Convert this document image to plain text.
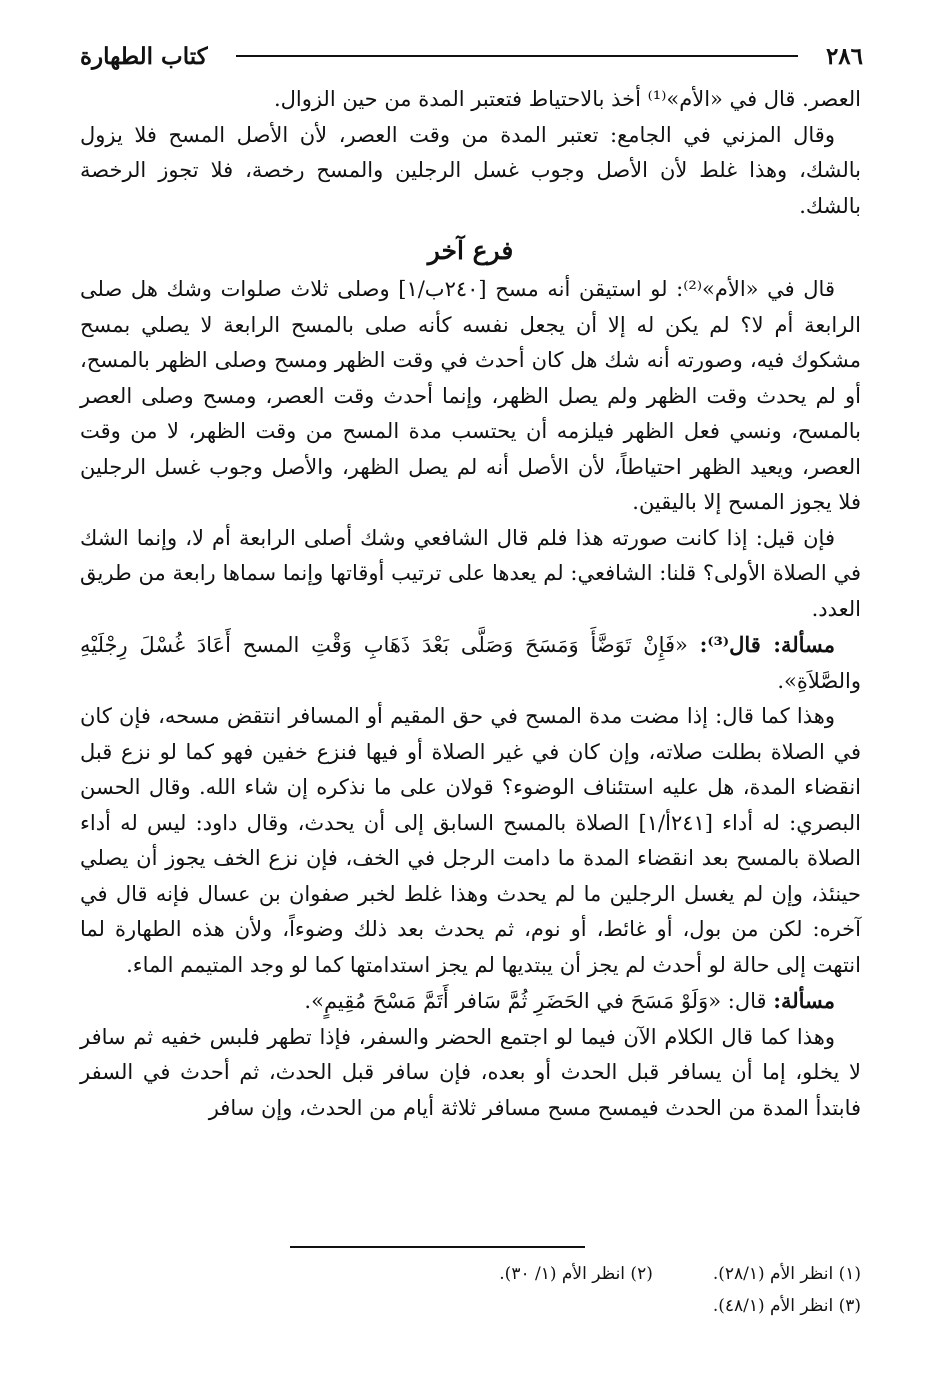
٢٨٦
كتاب الطهارة

العصر. قال في «الأم»⁽¹⁾ أخذ بالاحتياط فتعتبر المدة من حين الزوال.

وقال المزني في الجامع: تعتبر المدة من وقت العصر، لأن الأصل المسح فلا يزول بالشك، وهذا غلط لأن الأصل وجوب غسل الرجلين والمسح رخصة، فلا تجوز الرخصة بالشك.

فرع آخر

قال في «الأم»⁽²⁾: لو استيقن أنه مسح [٢٤٠ب/١] وصلى ثلاث صلوات وشك هل صلى الرابعة أم لا؟ لم يكن له إلا أن يجعل نفسه كأنه صلى بالمسح الرابعة لا يصلي بمسح مشكوك فيه، وصورته أنه شك هل كان أحدث في وقت الظهر ومسح وصلى الظهر بالمسح، أو لم يحدث وقت الظهر ولم يصل الظهر، وإنما أحدث وقت العصر، ومسح وصلى العصر بالمسح، ونسي فعل الظهر فيلزمه أن يحتسب مدة المسح من وقت الظهر، لا من وقت العصر، ويعيد الظهر احتياطاً، لأن الأصل أنه لم يصل الظهر، والأصل وجوب غسل الرجلين فلا يجوز المسح إلا باليقين.

فإن قيل: إذا كانت صورته هذا فلم قال الشافعي وشك أصلى الرابعة أم لا، وإنما الشك في الصلاة الأولى؟ قلنا: الشافعي: لم يعدها على ترتيب أوقاتها وإنما سماها رابعة من طريق العدد.

مسألة: قال⁽³⁾: «فَإِنْ تَوَضَّأَ وَمَسَحَ وَصَلَّى بَعْدَ ذَهَابِ وَقْتِ المسح أَعَادَ غُسْلَ رِجْلَيْهِ والصَّلاَةِ».

وهذا كما قال: إذا مضت مدة المسح في حق المقيم أو المسافر انتقض مسحه، فإن كان في الصلاة بطلت صلاته، وإن كان في غير الصلاة أو فيها فنزع خفين فهو كما لو نزع قبل انقضاء المدة، هل عليه استئناف الوضوء؟ قولان على ما نذكره إن شاء الله. وقال الحسن البصري: له أداء [٢٤١أ/١] الصلاة بالمسح السابق إلى أن يحدث، وقال داود: ليس له أداء الصلاة بالمسح بعد انقضاء المدة ما دامت الرجل في الخف، فإن نزع الخف يجوز أن يصلي حينئذ، وإن لم يغسل الرجلين ما لم يحدث وهذا غلط لخبر صفوان بن عسال فإنه قال في آخره: لكن من بول، أو غائط، أو نوم، ثم يحدث بعد ذلك وضوءاً، ولأن هذه الطهارة لما انتهت إلى حالة لو أحدث لم يجز أن يبتديها لم يجز استدامتها كما لو وجد المتيمم الماء.

مسألة: قال: «وَلَوْ مَسَحَ في الحَضَرِ ثُمَّ سَافر أَتَمَّ مَسْحَ مُقِيمٍ».

وهذا كما قال الكلام الآن فيما لو اجتمع الحضر والسفر، فإذا تطهر فلبس خفيه ثم سافر لا يخلو، إما أن يسافر قبل الحدث أو بعده، فإن سافر قبل الحدث، ثم أحدث في السفر فابتدأ المدة من الحدث فيمسح مسح مسافر ثلاثة أيام من الحدث، وإن سافر

(١) انظر الأم (٢٨/١).
(٢) انظر الأم (١/ ٣٠).
(٣) انظر الأم (٤٨/١).
